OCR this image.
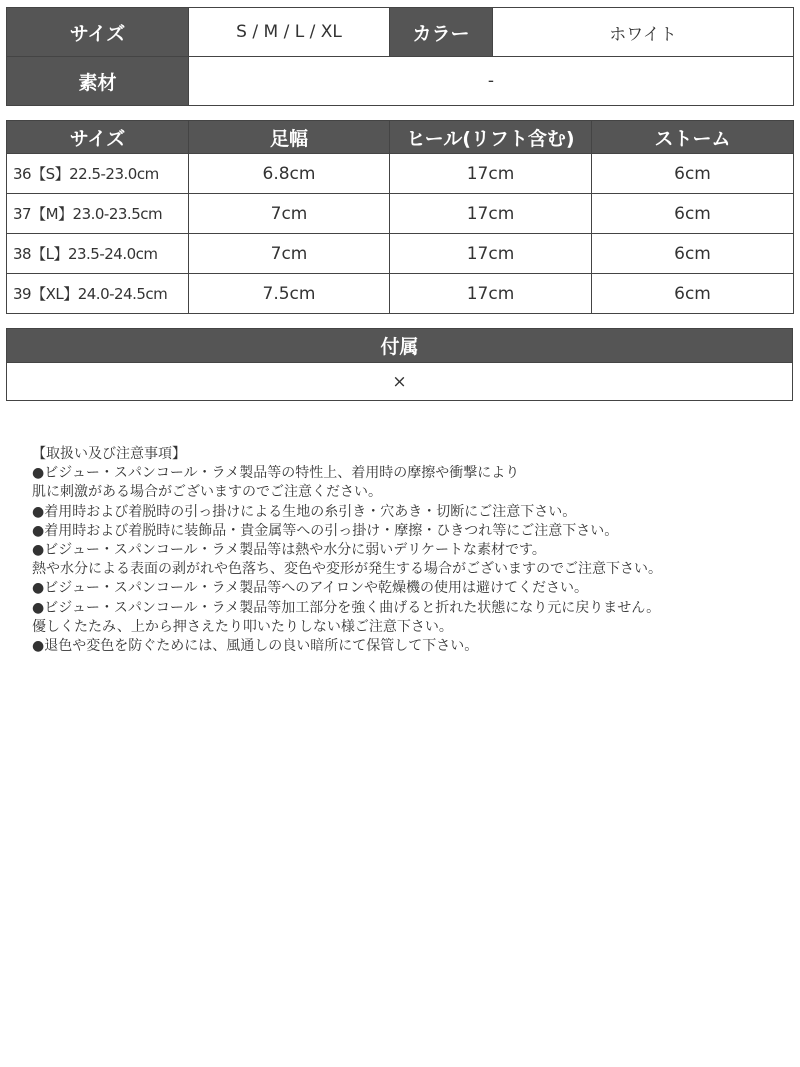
サイズ	S / M / L / XL	カラー	ホワイト
素材	-		
サイズ	足幅	ヒール(リフト含む)	ストーム
36【S】22.5-23.0cm	6.8cm	17cm	6cm
37【M】23.0-23.5cm	7cm	17cm	6cm
38【L】23.5-24.0cm	7cm	17cm	6cm
39【XL】24.0-24.5cm	7.5cm	17cm	6cm
付属
×
【取扱い及び注意事項】
●ビジュー・スパンコール・ラメ製品等の特性上、着用時の摩擦や衝撃により
肌に刺激がある場合がございますのでご注意ください。
●着用時および着脱時の引っ掛けによる生地の糸引き・穴あき・切断にご注意下さい。
●着用時および着脱時に装飾品・貴金属等への引っ掛け・摩擦・ひきつれ等にご注意下さい。
●ビジュー・スパンコール・ラメ製品等は熱や水分に弱いデリケートな素材です。
熱や水分による表面の剥がれや色落ち、変色や変形が発生する場合がございますのでご注意下さい。
●ビジュー・スパンコール・ラメ製品等へのアイロンや乾燥機の使用は避けてください。
●ビジュー・スパンコール・ラメ製品等加工部分を強く曲げると折れた状態になり元に戻りません。
優しくたたみ、上から押さえたり叩いたりしない様ご注意下さい。
●退色や変色を防ぐためには、風通しの良い暗所にて保管して下さい。
